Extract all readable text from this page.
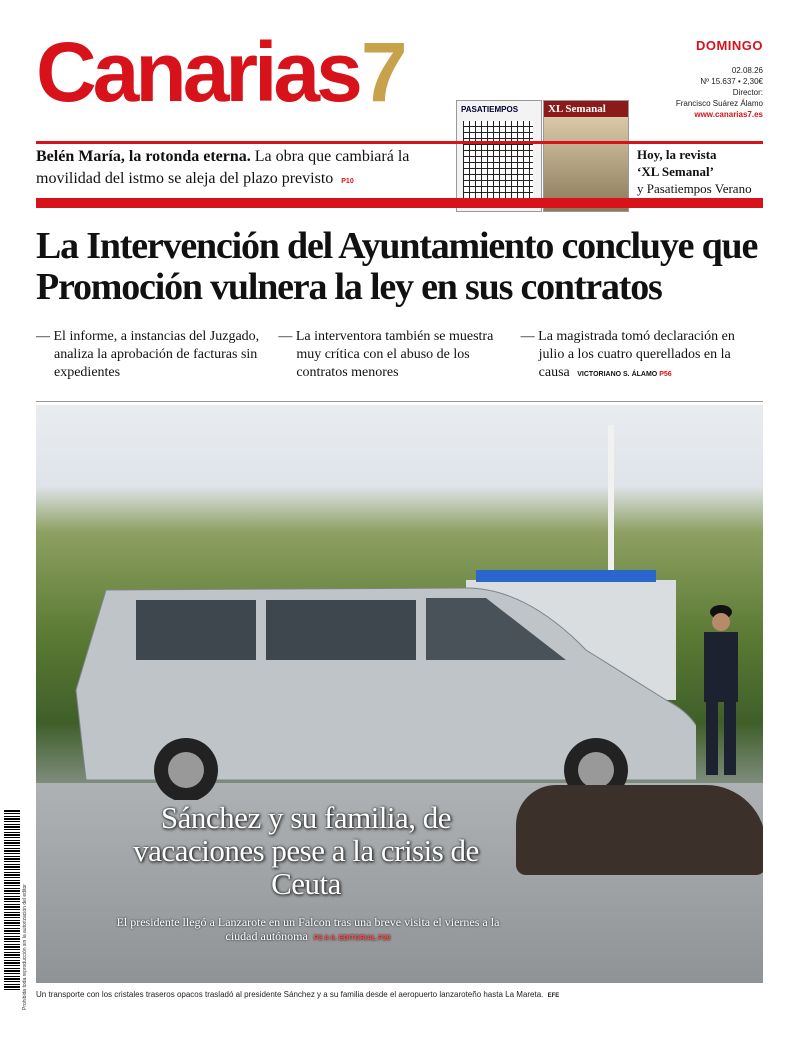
Canarias7	DOMINGO
02.08.26
Nº 15.637 • 2,30€
Director:
Francisco Suárez Álamo
www.canarias7.es
PASATIEMPOS	XL Semanal
Belén María, la rotonda eterna. La obra que cambiará la movilidad del istmo se aleja del plazo previsto P10
Hoy, la revista
‘XL Semanal’
y Pasatiempos Verano
La Intervención del Ayuntamiento concluye que Promoción vulnera la ley en sus contratos
— El informe, a instancias del Juzgado, analiza la aprobación de facturas sin expedientes
— La interventora también se muestra muy crítica con el abuso de los contratos menores
— La magistrada tomó declaración en julio a los cuatro querellados en la causa VICTORIANO S. ÁLAMO P56
Sánchez y su familia, de vacaciones pese a la crisis de Ceuta
El presidente llegó a Lanzarote en un Falcon tras una breve visita el viernes a la ciudad autónoma P2 A 6. EDITORIAL P28
Un transporte con los cristales traseros opacos trasladó al presidente Sánchez y a su familia desde el aeropuerto lanzaroteño hasta La Mareta. EFE
Prohibida toda reproducción sin la autorización del editor
